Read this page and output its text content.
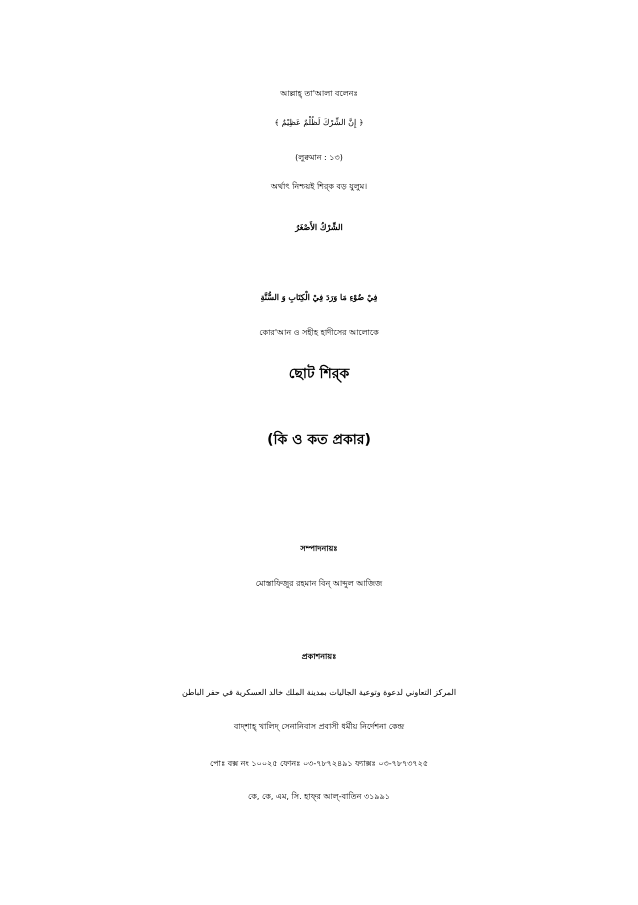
আল্লাহ্ তা'আলা বলেনঃ
﴿ إِنَّ الشِّرْكَ لَظُلْمٌ عَظِيْمٌ ﴾
(লুক্বমান : ১৩)
অর্থাৎ নিশ্চয়ই শির্‌ক বড় যুলুম।
الشِّرْكُ الأَصْغَرُ
فِيْ ضُوْءِ مَا وَرَدَ فِيْ الْكِتَابِ وَ السُّنَّةِ
কোর'আন ও সহীহ হাদীসের আলোকে
ছোট শির্‌ক
(কি ও কত প্রকার)
সম্পাদনায়ঃ
মোস্তাফিজুর রহমান বিন্ আব্দুল আজিজ
প্রকাশনায়ঃ
المركز التعاوني لدعوة وتوعية الجاليات بمدينة الملك خالد العسكرية في حفر الباطن
বাদ্‌শাহ্ খালিদ্ সেনানিবাস প্রবাসী ধর্মীয় নির্দেশনা কেন্দ্র
পোঃ বক্স নং ১০০২৫ ফোনঃ ০৩-৭৮৭২৪৯১ ফ্যাক্সঃ ০৩-৭৮৭৩৭২৫
কে, কে, এম, সি. হাফ্‌র আল্-বাতিন ৩১৯৯১
